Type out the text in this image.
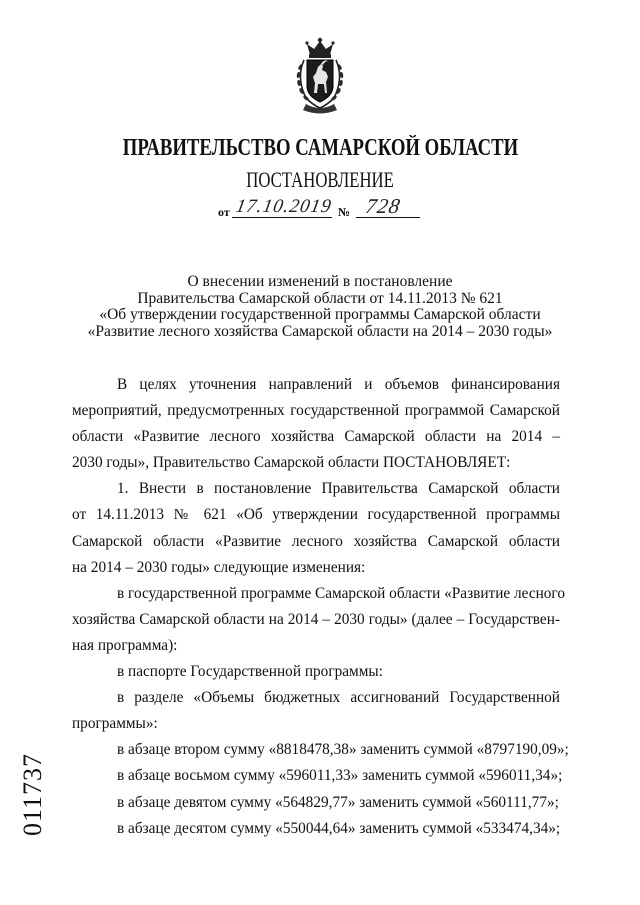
ПРАВИТЕЛЬСТВО САМАРСКОЙ ОБЛАСТИ
ПОСТАНОВЛЕНИЕ
от 17.10.2019 № 728
О внесении изменений в постановление
Правительства Самарской области от 14.11.2013 № 621
«Об утверждении государственной программы Самарской области
«Развитие лесного хозяйства Самарской области на 2014 – 2030 годы»
В целях уточнения направлений и объемов финансирования
мероприятий, предусмотренных государственной программой Самарской
области «Развитие лесного хозяйства Самарской области на 2014 –
2030 годы», Правительство Самарской области ПОСТАНОВЛЯЕТ:
1. Внести в постановление Правительства Самарской области
от 14.11.2013 № 621 «Об утверждении государственной программы
Самарской области «Развитие лесного хозяйства Самарской области
на 2014 – 2030 годы» следующие изменения:
в государственной программе Самарской области «Развитие лесного
хозяйства Самарской области на 2014 – 2030 годы» (далее – Государствен-
ная программа):
в паспорте Государственной программы:
в разделе «Объемы бюджетных ассигнований Государственной
программы»:
в абзаце втором сумму «8818478,38» заменить суммой «8797190,09»;
в абзаце восьмом сумму «596011,33» заменить суммой «596011,34»;
в абзаце девятом сумму «564829,77» заменить суммой «560111,77»;
в абзаце десятом сумму «550044,64» заменить суммой «533474,34»;
011737
